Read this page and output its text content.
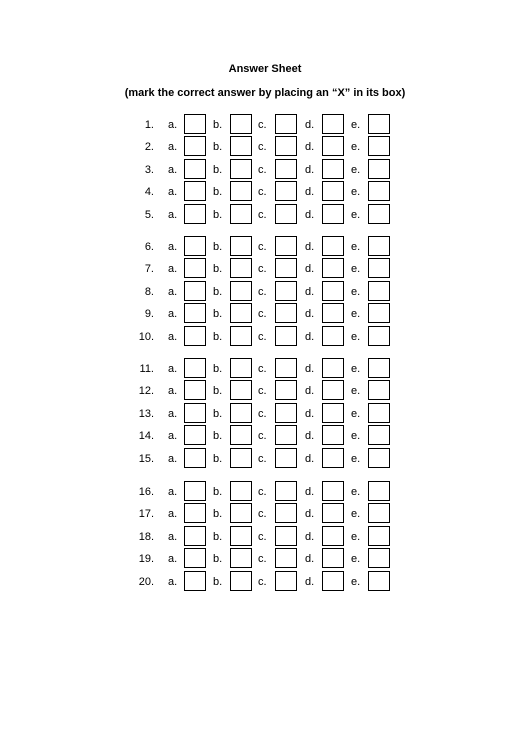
Answer Sheet
(mark the correct answer by placing an “X” in its box)
1. a.	b.	c.	d.	e.
2. a.	b.	c.	d.	e.
3. a.	b.	c.	d.	e.
4. a.	b.	c.	d.	e.
5. a.	b.	c.	d.	e.
6. a.	b.	c.	d.	e.
7. a.	b.	c.	d.	e.
8. a.	b.	c.	d.	e.
9. a.	b.	c.	d.	e.
10. a.	b.	c.	d.	e.
11. a.	b.	c.	d.	e.
12. a.	b.	c.	d.	e.
13. a.	b.	c.	d.	e.
14. a.	b.	c.	d.	e.
15. a.	b.	c.	d.	e.
16. a.	b.	c.	d.	e.
17. a.	b.	c.	d.	e.
18. a.	b.	c.	d.	e.
19. a.	b.	c.	d.	e.
20. a.	b.	c.	d.	e.
